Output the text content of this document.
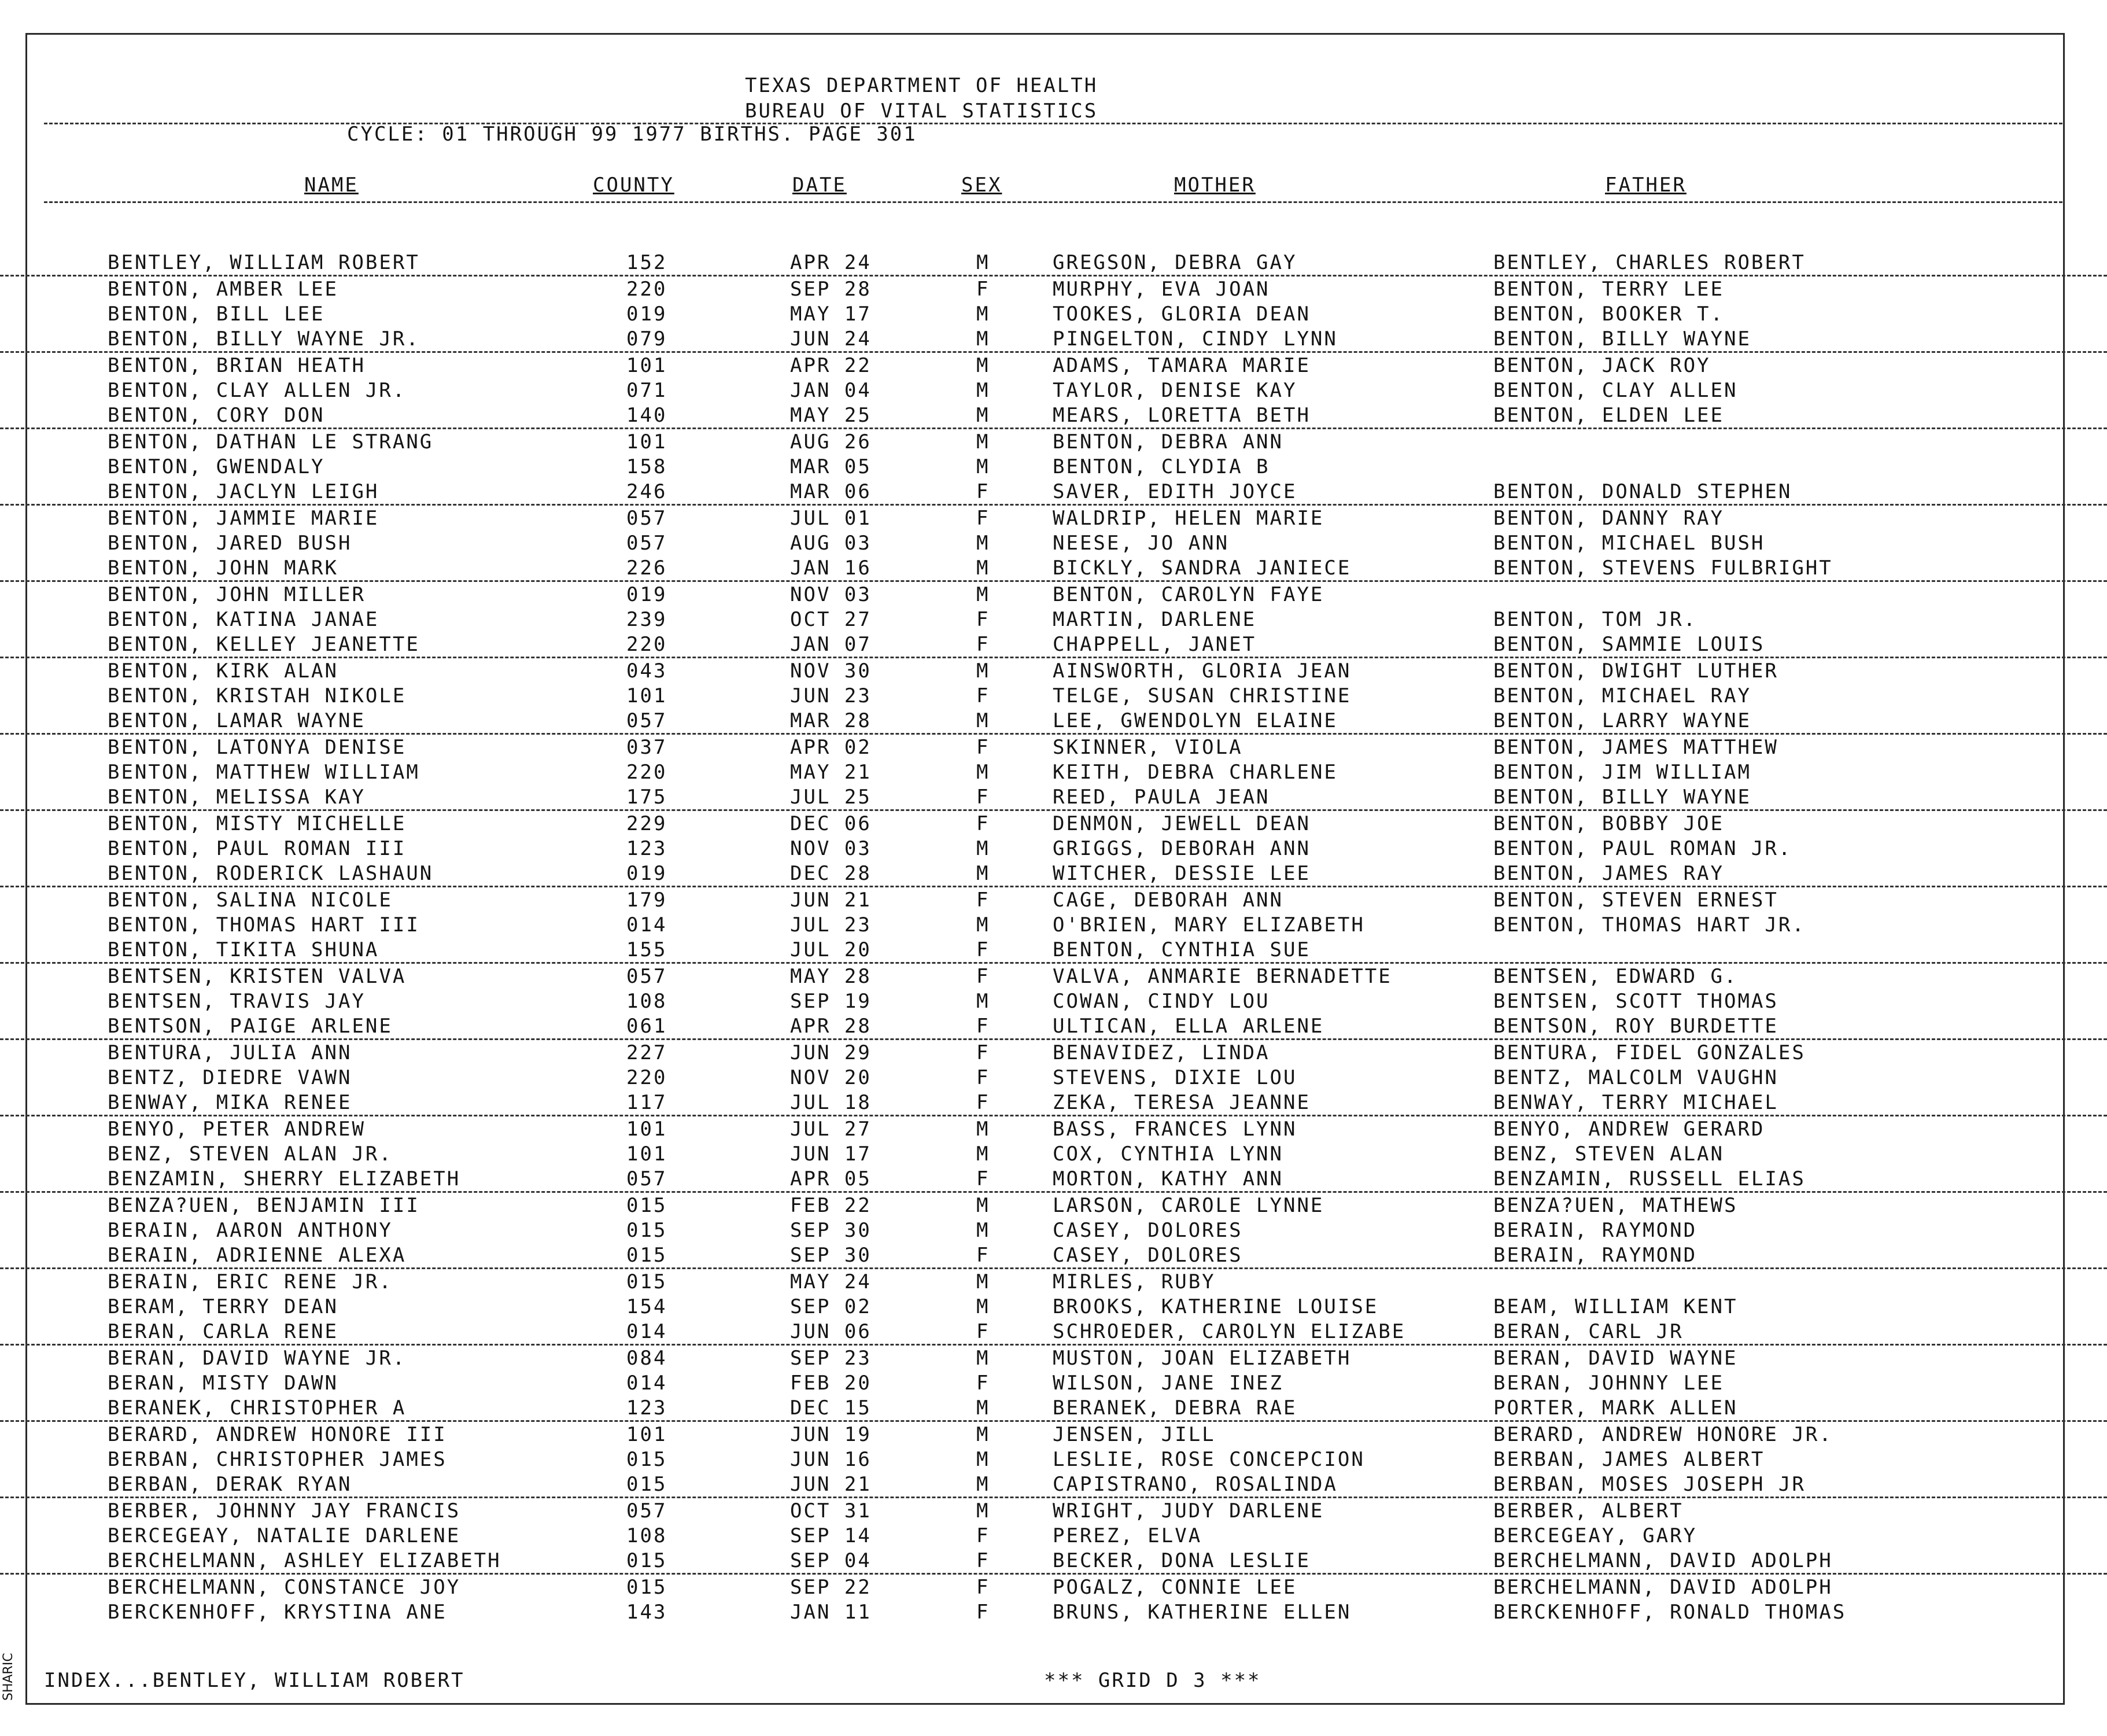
TEXAS DEPARTMENT OF HEALTH
BUREAU OF VITAL STATISTICS
CYCLE: 01 THROUGH 99 1977 BIRTHS. PAGE 301
NAME	COUNTY	DATE	SEX	MOTHER	FATHER
BENTLEY, WILLIAM ROBERT	152	APR 24	M	GREGSON, DEBRA GAY	BENTLEY, CHARLES ROBERT
BENTON, AMBER LEE	220	SEP 28	F	MURPHY, EVA JOAN	BENTON, TERRY LEE
BENTON, BILL LEE	019	MAY 17	M	TOOKES, GLORIA DEAN	BENTON, BOOKER T.
BENTON, BILLY WAYNE JR.	079	JUN 24	M	PINGELTON, CINDY LYNN	BENTON, BILLY WAYNE
BENTON, BRIAN HEATH	101	APR 22	M	ADAMS, TAMARA MARIE	BENTON, JACK ROY
BENTON, CLAY ALLEN JR.	071	JAN 04	M	TAYLOR, DENISE KAY	BENTON, CLAY ALLEN
BENTON, CORY DON	140	MAY 25	M	MEARS, LORETTA BETH	BENTON, ELDEN LEE
BENTON, DATHAN LE STRANG	101	AUG 26	M	BENTON, DEBRA ANN
BENTON, GWENDALY	158	MAR 05	M	BENTON, CLYDIA B
BENTON, JACLYN LEIGH	246	MAR 06	F	SAVER, EDITH JOYCE	BENTON, DONALD STEPHEN
BENTON, JAMMIE MARIE	057	JUL 01	F	WALDRIP, HELEN MARIE	BENTON, DANNY RAY
BENTON, JARED BUSH	057	AUG 03	M	NEESE, JO ANN	BENTON, MICHAEL BUSH
BENTON, JOHN MARK	226	JAN 16	M	BICKLY, SANDRA JANIECE	BENTON, STEVENS FULBRIGHT
BENTON, JOHN MILLER	019	NOV 03	M	BENTON, CAROLYN FAYE
BENTON, KATINA JANAE	239	OCT 27	F	MARTIN, DARLENE	BENTON, TOM JR.
BENTON, KELLEY JEANETTE	220	JAN 07	F	CHAPPELL, JANET	BENTON, SAMMIE LOUIS
BENTON, KIRK ALAN	043	NOV 30	M	AINSWORTH, GLORIA JEAN	BENTON, DWIGHT LUTHER
BENTON, KRISTAH NIKOLE	101	JUN 23	F	TELGE, SUSAN CHRISTINE	BENTON, MICHAEL RAY
BENTON, LAMAR WAYNE	057	MAR 28	M	LEE, GWENDOLYN ELAINE	BENTON, LARRY WAYNE
BENTON, LATONYA DENISE	037	APR 02	F	SKINNER, VIOLA	BENTON, JAMES MATTHEW
BENTON, MATTHEW WILLIAM	220	MAY 21	M	KEITH, DEBRA CHARLENE	BENTON, JIM WILLIAM
BENTON, MELISSA KAY	175	JUL 25	F	REED, PAULA JEAN	BENTON, BILLY WAYNE
BENTON, MISTY MICHELLE	229	DEC 06	F	DENMON, JEWELL DEAN	BENTON, BOBBY JOE
BENTON, PAUL ROMAN III	123	NOV 03	M	GRIGGS, DEBORAH ANN	BENTON, PAUL ROMAN JR.
BENTON, RODERICK LASHAUN	019	DEC 28	M	WITCHER, DESSIE LEE	BENTON, JAMES RAY
BENTON, SALINA NICOLE	179	JUN 21	F	CAGE, DEBORAH ANN	BENTON, STEVEN ERNEST
BENTON, THOMAS HART III	014	JUL 23	M	O'BRIEN, MARY ELIZABETH	BENTON, THOMAS HART JR.
BENTON, TIKITA SHUNA	155	JUL 20	F	BENTON, CYNTHIA SUE
BENTSEN, KRISTEN VALVA	057	MAY 28	F	VALVA, ANMARIE BERNADETTE	BENTSEN, EDWARD G.
BENTSEN, TRAVIS JAY	108	SEP 19	M	COWAN, CINDY LOU	BENTSEN, SCOTT THOMAS
BENTSON, PAIGE ARLENE	061	APR 28	F	ULTICAN, ELLA ARLENE	BENTSON, ROY BURDETTE
BENTURA, JULIA ANN	227	JUN 29	F	BENAVIDEZ, LINDA	BENTURA, FIDEL GONZALES
BENTZ, DIEDRE VAWN	220	NOV 20	F	STEVENS, DIXIE LOU	BENTZ, MALCOLM VAUGHN
BENWAY, MIKA RENEE	117	JUL 18	F	ZEKA, TERESA JEANNE	BENWAY, TERRY MICHAEL
BENYO, PETER ANDREW	101	JUL 27	M	BASS, FRANCES LYNN	BENYO, ANDREW GERARD
BENZ, STEVEN ALAN JR.	101	JUN 17	M	COX, CYNTHIA LYNN	BENZ, STEVEN ALAN
BENZAMIN, SHERRY ELIZABETH	057	APR 05	F	MORTON, KATHY ANN	BENZAMIN, RUSSELL ELIAS
BENZA?UEN, BENJAMIN III	015	FEB 22	M	LARSON, CAROLE LYNNE	BENZA?UEN, MATHEWS
BERAIN, AARON ANTHONY	015	SEP 30	M	CASEY, DOLORES	BERAIN, RAYMOND
BERAIN, ADRIENNE ALEXA	015	SEP 30	F	CASEY, DOLORES	BERAIN, RAYMOND
BERAIN, ERIC RENE JR.	015	MAY 24	M	MIRLES, RUBY
BERAM, TERRY DEAN	154	SEP 02	M	BROOKS, KATHERINE LOUISE	BEAM, WILLIAM KENT
BERAN, CARLA RENE	014	JUN 06	F	SCHROEDER, CAROLYN ELIZABE	BERAN, CARL JR
BERAN, DAVID WAYNE JR.	084	SEP 23	M	MUSTON, JOAN ELIZABETH	BERAN, DAVID WAYNE
BERAN, MISTY DAWN	014	FEB 20	F	WILSON, JANE INEZ	BERAN, JOHNNY LEE
BERANEK, CHRISTOPHER A	123	DEC 15	M	BERANEK, DEBRA RAE	PORTER, MARK ALLEN
BERARD, ANDREW HONORE III	101	JUN 19	M	JENSEN, JILL	BERARD, ANDREW HONORE JR.
BERBAN, CHRISTOPHER JAMES	015	JUN 16	M	LESLIE, ROSE CONCEPCION	BERBAN, JAMES ALBERT
BERBAN, DERAK RYAN	015	JUN 21	M	CAPISTRANO, ROSALINDA	BERBAN, MOSES JOSEPH JR
BERBER, JOHNNY JAY FRANCIS	057	OCT 31	M	WRIGHT, JUDY DARLENE	BERBER, ALBERT
BERCEGEAY, NATALIE DARLENE	108	SEP 14	F	PEREZ, ELVA	BERCEGEAY, GARY
BERCHELMANN, ASHLEY ELIZABETH	015	SEP 04	F	BECKER, DONA LESLIE	BERCHELMANN, DAVID ADOLPH
BERCHELMANN, CONSTANCE JOY	015	SEP 22	F	POGALZ, CONNIE LEE	BERCHELMANN, DAVID ADOLPH
BERCKENHOFF, KRYSTINA ANE	143	JAN 11	F	BRUNS, KATHERINE ELLEN	BERCKENHOFF, RONALD THOMAS
INDEX...BENTLEY, WILLIAM ROBERT	*** GRID D 3 ***
SHARIC
